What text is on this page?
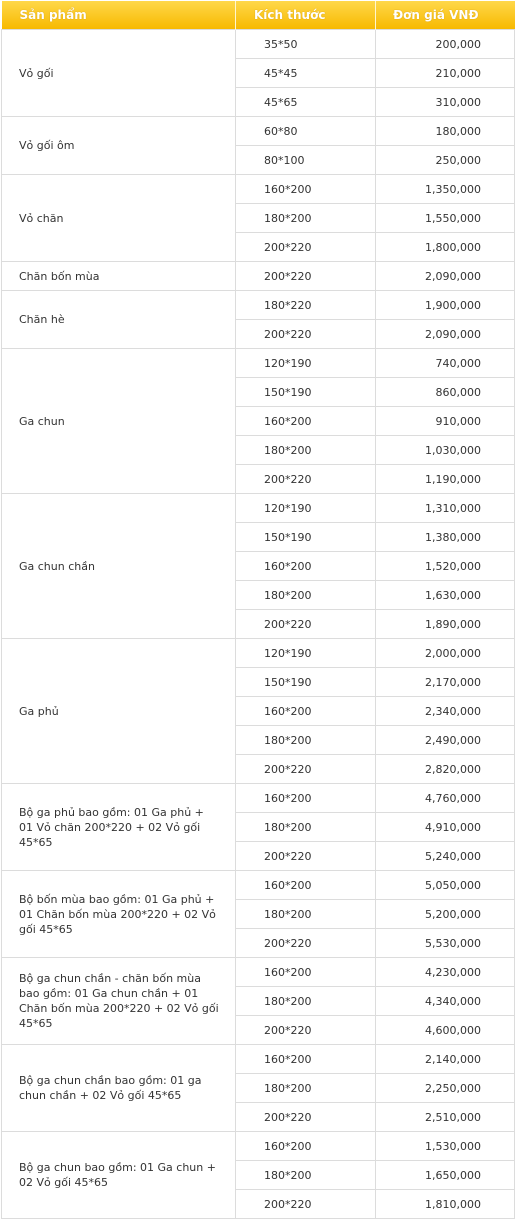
Sản phẩm	Kích thước	Đơn giá VNĐ
Vỏ gối	35*50	200,000
	45*45	210,000
	45*65	310,000
Vỏ gối ôm	60*80	180,000
	80*100	250,000
Vỏ chăn	160*200	1,350,000
	180*200	1,550,000
	200*220	1,800,000
Chăn bốn mùa	200*220	2,090,000
Chăn hè	180*220	1,900,000
	200*220	2,090,000
Ga chun	120*190	740,000
	150*190	860,000
	160*200	910,000
	180*200	1,030,000
	200*220	1,190,000
Ga chun chần	120*190	1,310,000
	150*190	1,380,000
	160*200	1,520,000
	180*200	1,630,000
	200*220	1,890,000
Ga phủ	120*190	2,000,000
	150*190	2,170,000
	160*200	2,340,000
	180*200	2,490,000
	200*220	2,820,000
Bộ ga phủ bao gồm: 01 Ga phủ + 01 Vỏ chăn 200*220 + 02 Vỏ gối 45*65	160*200	4,760,000
	180*200	4,910,000
	200*220	5,240,000
Bộ bốn mùa bao gồm: 01 Ga phủ + 01 Chăn bốn mùa 200*220 + 02 Vỏ gối 45*65	160*200	5,050,000
	180*200	5,200,000
	200*220	5,530,000
Bộ ga chun chần - chăn bốn mùa bao gồm: 01 Ga chun chần + 01 Chăn bốn mùa 200*220 + 02 Vỏ gối 45*65	160*200	4,230,000
	180*200	4,340,000
	200*220	4,600,000
Bộ ga chun chần bao gồm: 01 ga chun chần + 02 Vỏ gối 45*65	160*200	2,140,000
	180*200	2,250,000
	200*220	2,510,000
Bộ ga chun bao gồm: 01 Ga chun + 02 Vỏ gối 45*65	160*200	1,530,000
	180*200	1,650,000
	200*220	1,810,000
